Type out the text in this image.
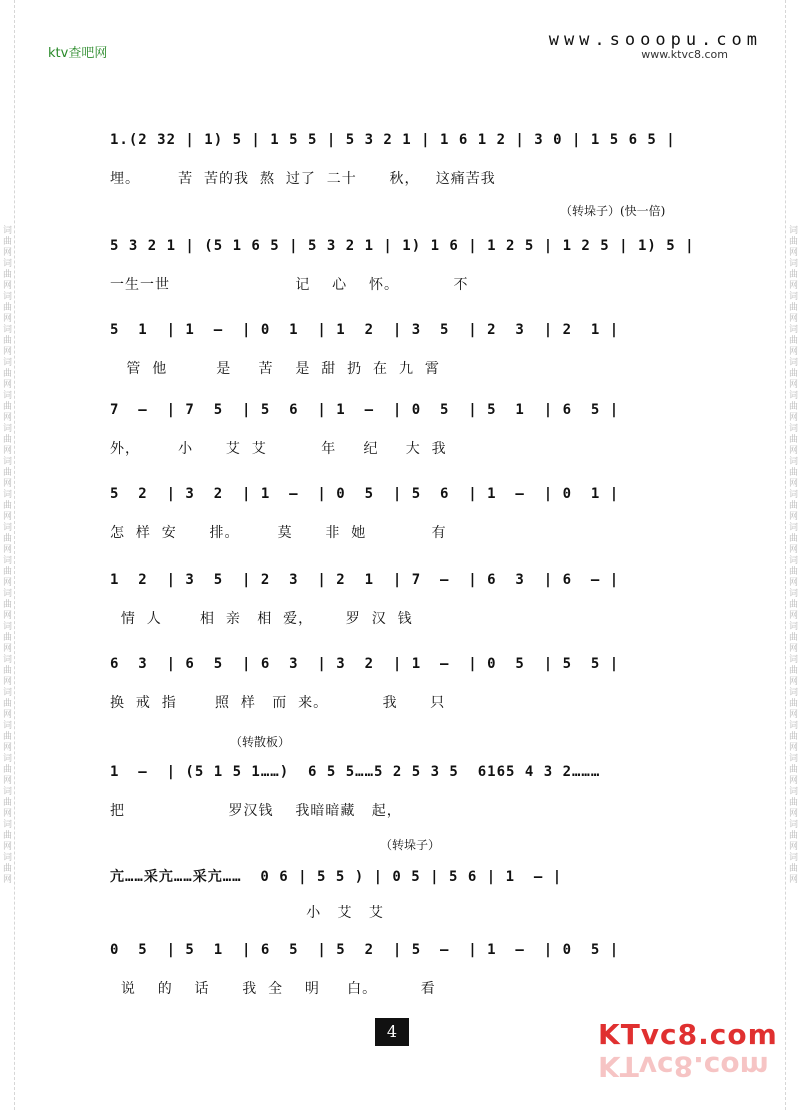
词曲网词曲网词曲网词曲网词曲网词曲网词曲网词曲网词曲网词曲网词曲网词曲网词曲网词曲网词曲网词曲网词曲网词曲网词曲网词曲网	词曲网词曲网词曲网词曲网词曲网词曲网词曲网词曲网词曲网词曲网词曲网词曲网词曲网词曲网词曲网词曲网词曲网词曲网词曲网词曲网
ktv查吧网
www.sooopu.com
www.ktvc8.com
1.(2 32 | 1) 5 | 1 5 5 | 5 3 2 1 | 1 6 1 2 | 3 0 | 1 5 6 5 |
埋。       苦  苦的我  熬  过了  二十      秋，   这痛苦我
（转垛子）(快一倍)
5 3 2 1 | (5 1 6 5 | 5 3 2 1 | 1) 1 6 | 1 2 5 | 1 2 5 | 1) 5 |
一生一世                       记    心    怀。          不
5  1  | 1  —  | 0  1  | 1  2  | 3  5  | 2  3  | 2  1 |
管  他         是     苦    是  甜  扔  在  九  霄
7  —  | 7  5  | 5  6  | 1  —  | 0  5  | 5  1  | 6  5 |
外，       小      艾  艾          年     纪     大  我
5  2  | 3  2  | 1  —  | 0  5  | 5  6  | 1  —  | 0  1 |
怎  样  安      排。       莫      非  她            有
1  2  | 3  5  | 2  3  | 2  1  | 7  —  | 6  3  | 6  — |
情  人       相  亲   相  爱，      罗  汉  钱
6  3  | 6  5  | 6  3  | 3  2  | 1  —  | 0  5  | 5  5 |
换  戒  指       照  样   而  来。          我      只
（转散板）
1  —  | (5 1 5 1……)  6 5 5……5 2 5 3 5  6165 4 3 2………
把                   罗汉钱    我暗暗藏   起，
（转垛子）
亢……采亢……采亢……  0 6 | 5 5 ) | 0 5 | 5 6 | 1  — |
小   艾   艾
0  5  | 5  1  | 6  5  | 5  2  | 5  —  | 1  —  | 0  5 |
说    的    话      我  全    明     白。        看
4	KTvc8.com
KTvc8.com
